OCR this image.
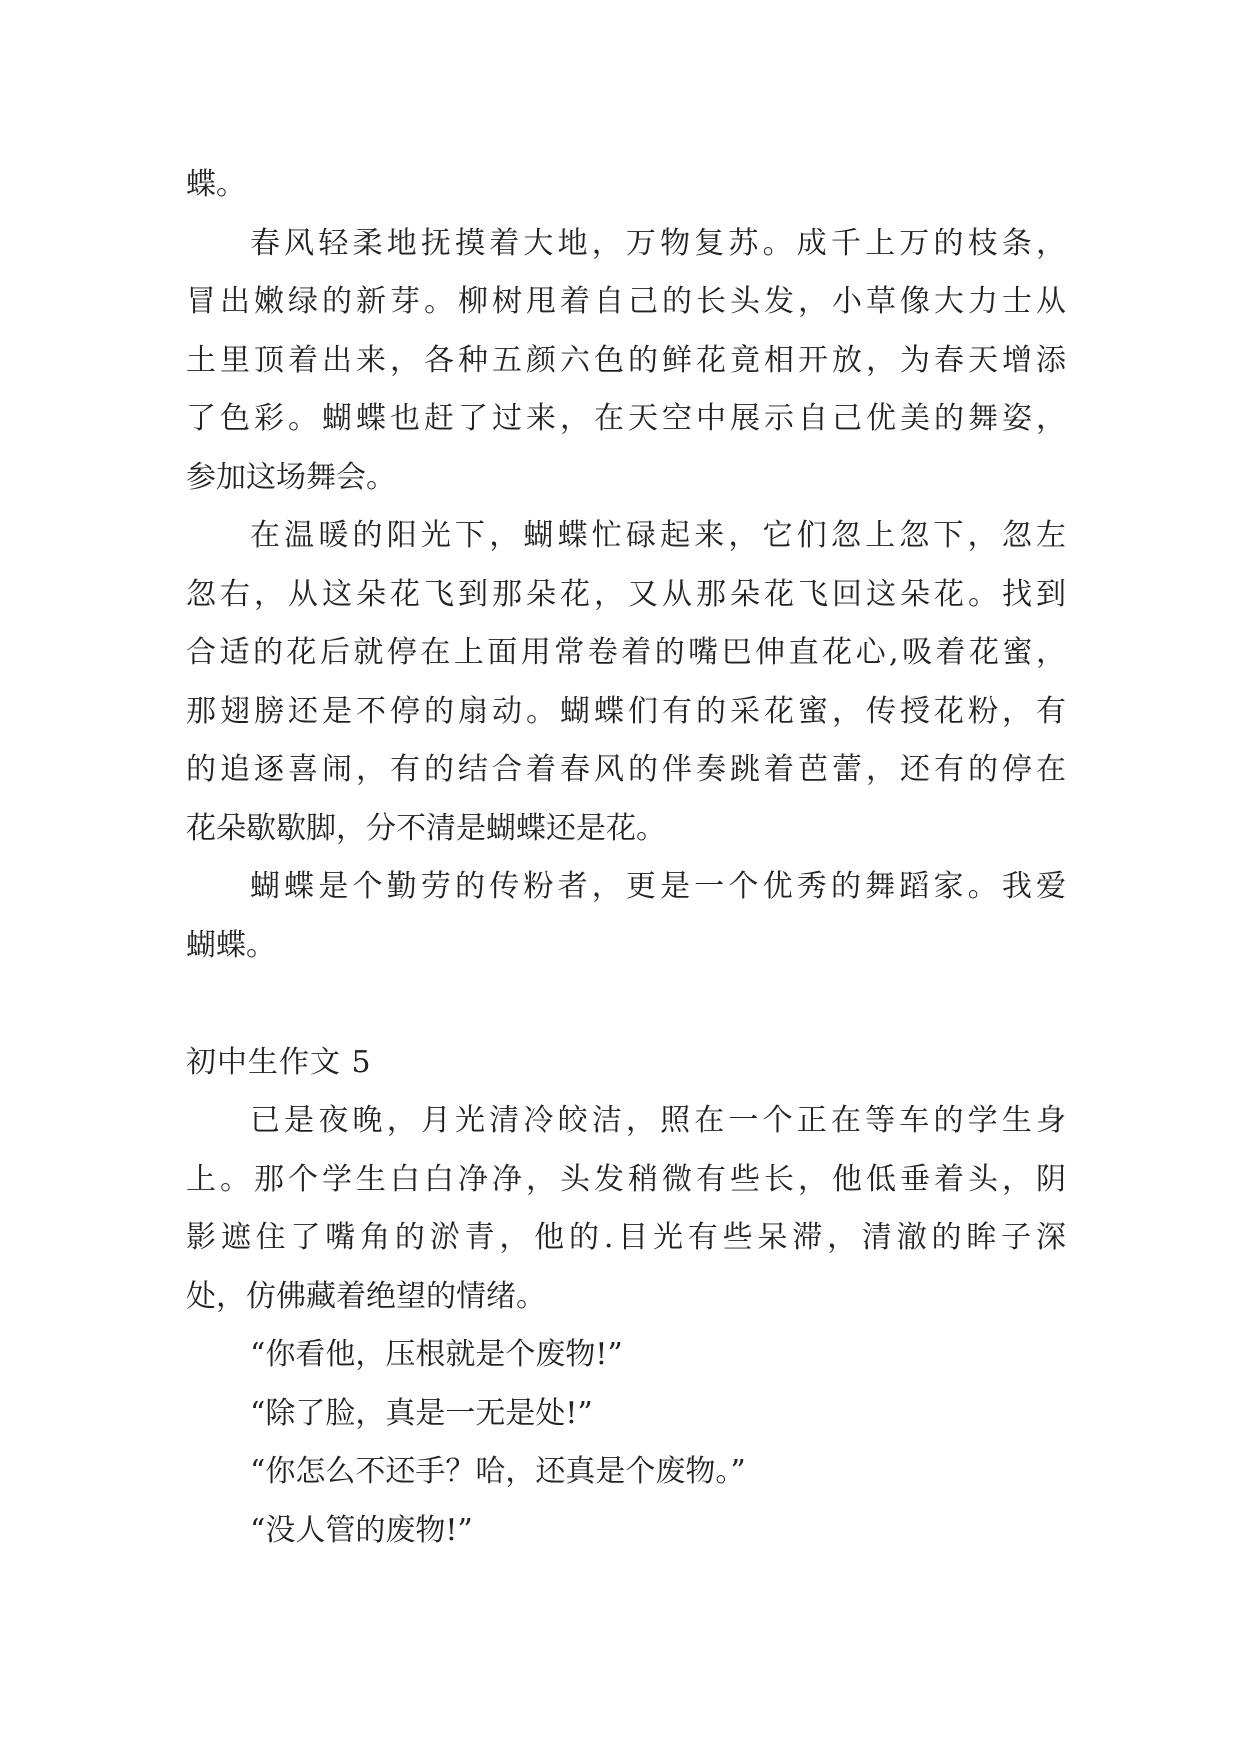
蝶。
春风轻柔地抚摸着大地，万物复苏。成千上万的枝条，
冒出嫩绿的新芽。柳树甩着自己的长头发，小草像大力士从
土里顶着出来，各种五颜六色的鲜花竟相开放，为春天增添
了色彩。蝴蝶也赶了过来，在天空中展示自己优美的舞姿，
参加这场舞会。
在温暖的阳光下，蝴蝶忙碌起来，它们忽上忽下，忽左
忽右，从这朵花飞到那朵花，又从那朵花飞回这朵花。找到
合适的花后就停在上面用常卷着的嘴巴伸直花心,吸着花蜜，
那翅膀还是不停的扇动。蝴蝶们有的采花蜜，传授花粉，有
的追逐喜闹，有的结合着春风的伴奏跳着芭蕾，还有的停在
花朵歇歇脚，分不清是蝴蝶还是花。
蝴蝶是个勤劳的传粉者，更是一个优秀的舞蹈家。我爱
蝴蝶。
初中生作文 5
已是夜晚，月光清冷皎洁，照在一个正在等车的学生身
上。那个学生白白净净，头发稍微有些长，他低垂着头，阴
影遮住了嘴角的淤青，他的.目光有些呆滞，清澈的眸子深
处，仿佛藏着绝望的情绪。
“你看他，压根就是个废物!”
“除了脸，真是一无是处!”
“你怎么不还手？哈，还真是个废物。”
“没人管的废物!”
